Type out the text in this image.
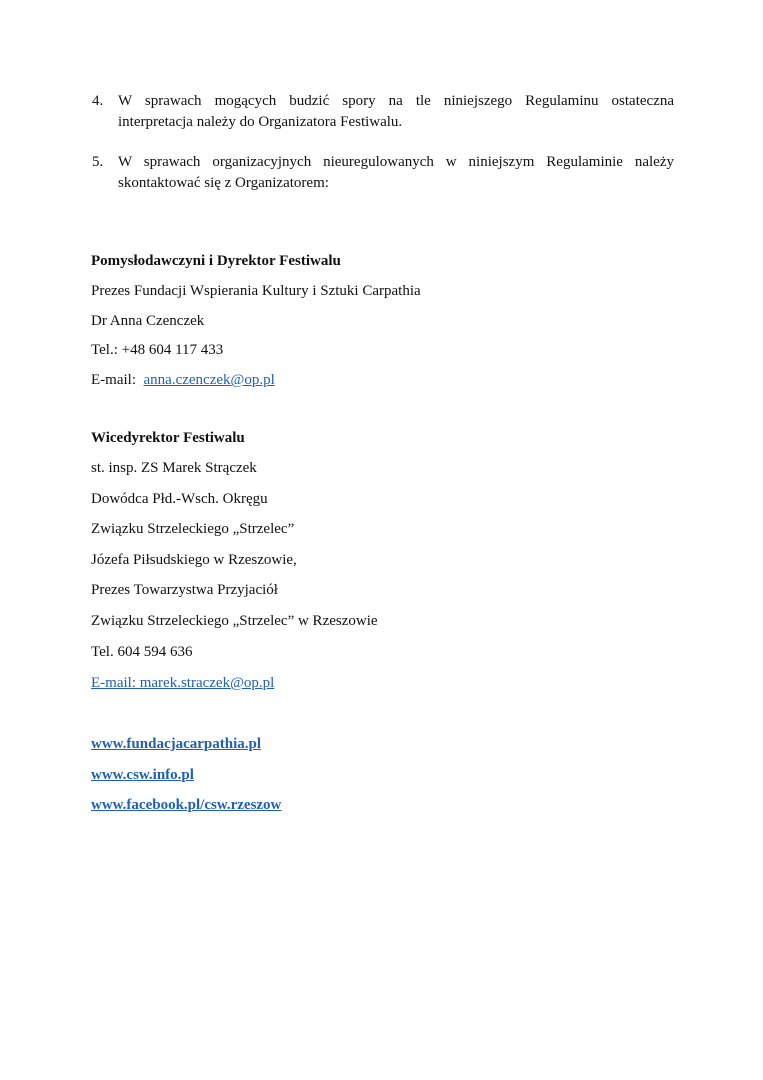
4. W sprawach mogących budzić spory na tle niniejszego Regulaminu ostateczna
interpretacja należy do Organizatora Festiwalu.
5. W sprawach organizacyjnych nieuregulowanych w niniejszym Regulaminie należy
skontaktować się z Organizatorem:
Pomysłodawczyni i Dyrektor Festiwalu
Prezes Fundacji Wspierania Kultury i Sztuki Carpathia
Dr Anna Czenczek
Tel.: +48 604 117 433
E-mail: anna.czenczek@op.pl
Wicedyrektor Festiwalu
st. insp. ZS Marek Strączek
Dowódca Płd.-Wsch. Okręgu
Związku Strzeleckiego „Strzelec”
Józefa Piłsudskiego w Rzeszowie,
Prezes Towarzystwa Przyjaciół
Związku Strzeleckiego „Strzelec” w Rzeszowie
Tel. 604 594 636
E-mail: marek.straczek@op.pl
www.fundacjacarpathia.pl
www.csw.info.pl
www.facebook.pl/csw.rzeszow
